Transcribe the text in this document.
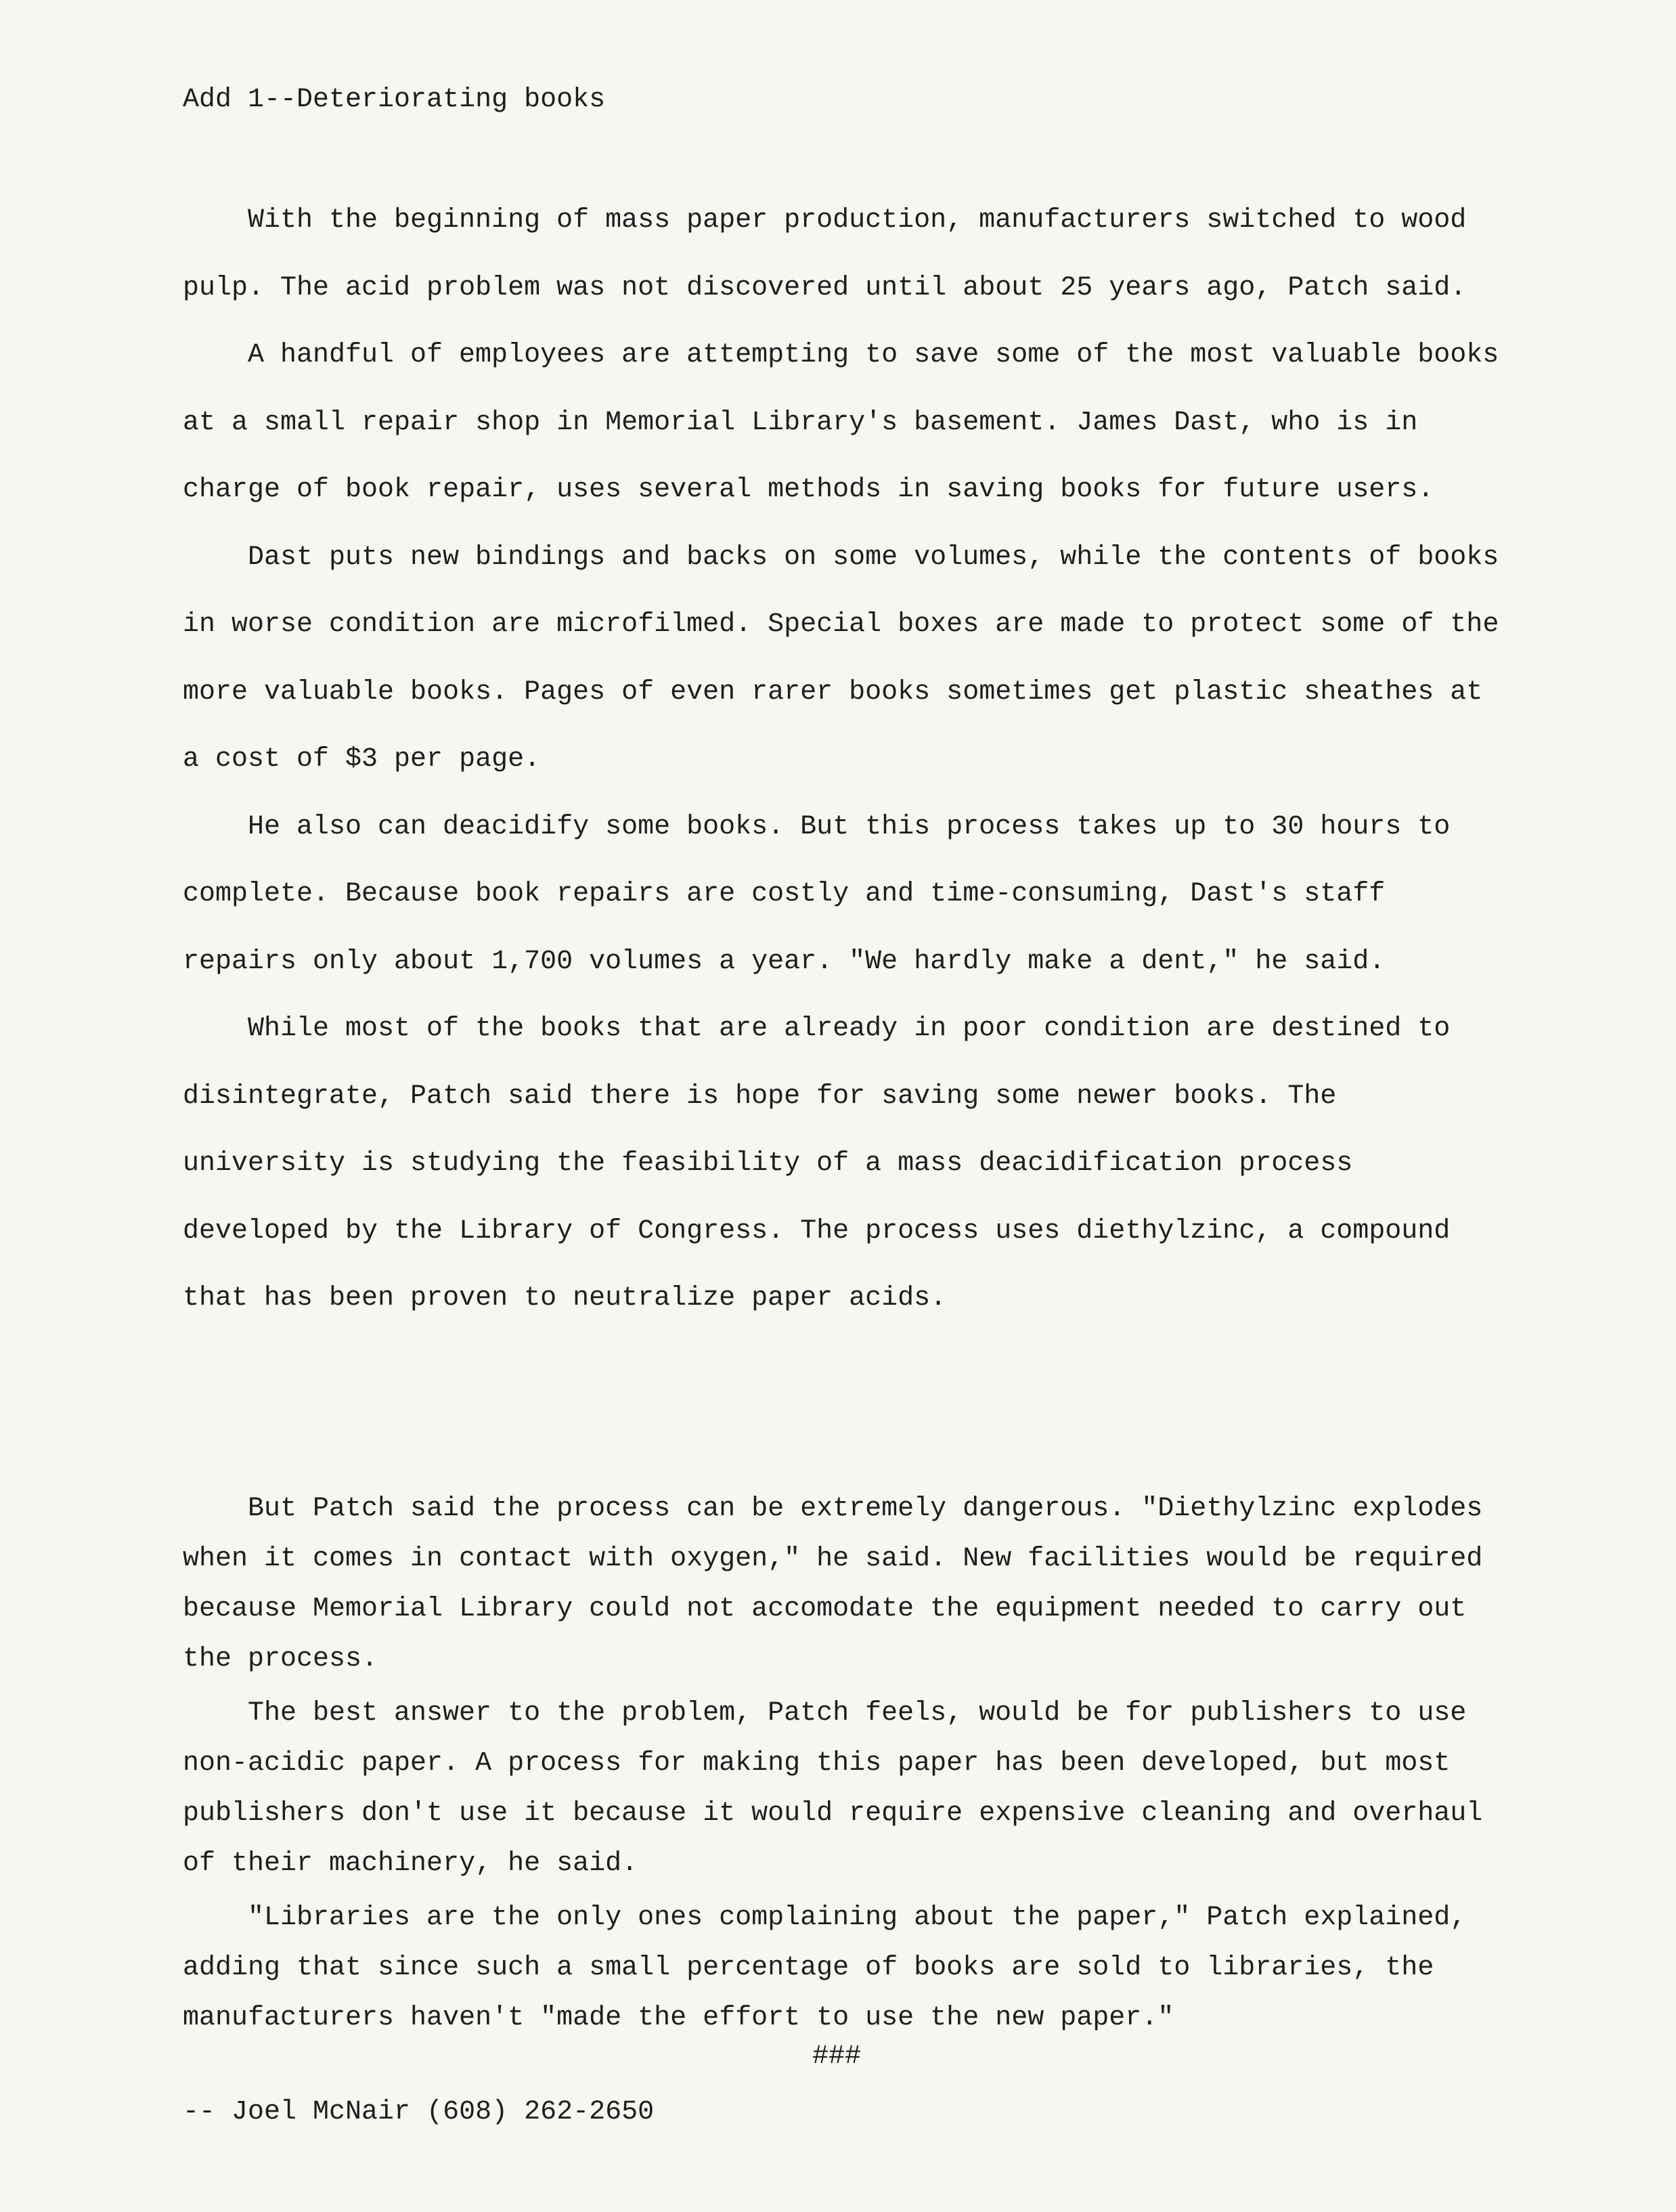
Add 1--Deteriorating books

With the beginning of mass paper production, manufacturers switched to wood pulp. The acid problem was not discovered until about 25 years ago, Patch said.

A handful of employees are attempting to save some of the most valuable books at a small repair shop in Memorial Library's basement. James Dast, who is in charge of book repair, uses several methods in saving books for future users.

Dast puts new bindings and backs on some volumes, while the contents of books in worse condition are microfilmed. Special boxes are made to protect some of the more valuable books. Pages of even rarer books sometimes get plastic sheathes at a cost of $3 per page.

He also can deacidify some books. But this process takes up to 30 hours to complete. Because book repairs are costly and time-consuming, Dast's staff repairs only about 1,700 volumes a year. "We hardly make a dent," he said.

While most of the books that are already in poor condition are destined to disintegrate, Patch said there is hope for saving some newer books. The university is studying the feasibility of a mass deacidification process developed by the Library of Congress. The process uses diethylzinc, a compound that has been proven to neutralize paper acids.

But Patch said the process can be extremely dangerous. "Diethylzinc explodes when it comes in contact with oxygen," he said. New facilities would be required because Memorial Library could not accomodate the equipment needed to carry out the process.

The best answer to the problem, Patch feels, would be for publishers to use non-acidic paper. A process for making this paper has been developed, but most publishers don't use it because it would require expensive cleaning and overhaul of their machinery, he said.

"Libraries are the only ones complaining about the paper," Patch explained, adding that since such a small percentage of books are sold to libraries, the manufacturers haven't "made the effort to use the new paper."

###
-- Joel McNair (608) 262-2650
